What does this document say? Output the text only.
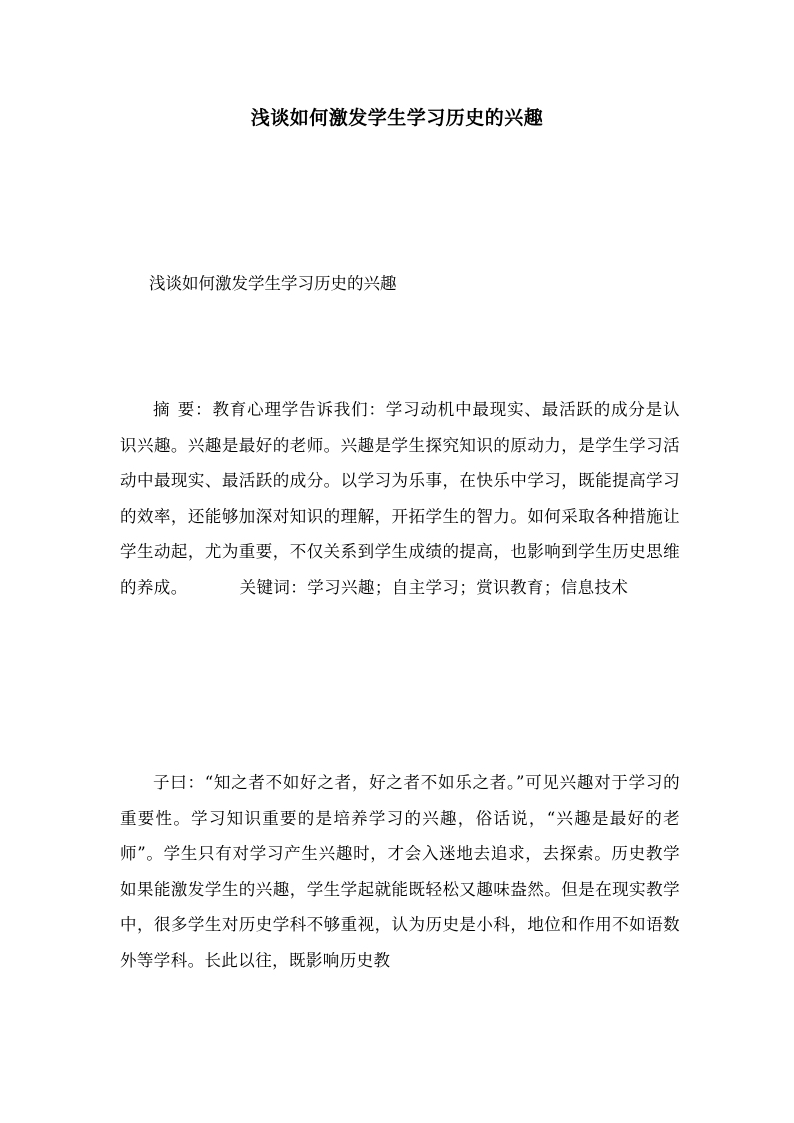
浅谈如何激发学生学习历史的兴趣
浅谈如何激发学生学习历史的兴趣

摘 要：教育心理学告诉我们：学习动机中最现实、最活跃的成分是认识兴趣。兴趣是最好的老师。兴趣是学生探究知识的原动力，是学生学习活动中最现实、最活跃的成分。以学习为乐事，在快乐中学习，既能提高学习的效率，还能够加深对知识的理解，开拓学生的智力。如何采取各种措施让学生动起，尤为重要，不仅关系到学生成绩的提高，也影响到学生历史思维的养成。	关键词：学习兴趣；自主学习；赏识教育；信息技术

子曰：“知之者不如好之者，好之者不如乐之者。”可见兴趣对于学习的重要性。学习知识重要的是培养学习的兴趣，俗话说，“兴趣是最好的老师”。学生只有对学习产生兴趣时，才会入迷地去追求，去探索。历史教学如果能激发学生的兴趣，学生学起就能既轻松又趣味盎然。但是在现实教学中，很多学生对历史学科不够重视，认为历史是小科，地位和作用不如语数外等学科。长此以往，既影响历史教
